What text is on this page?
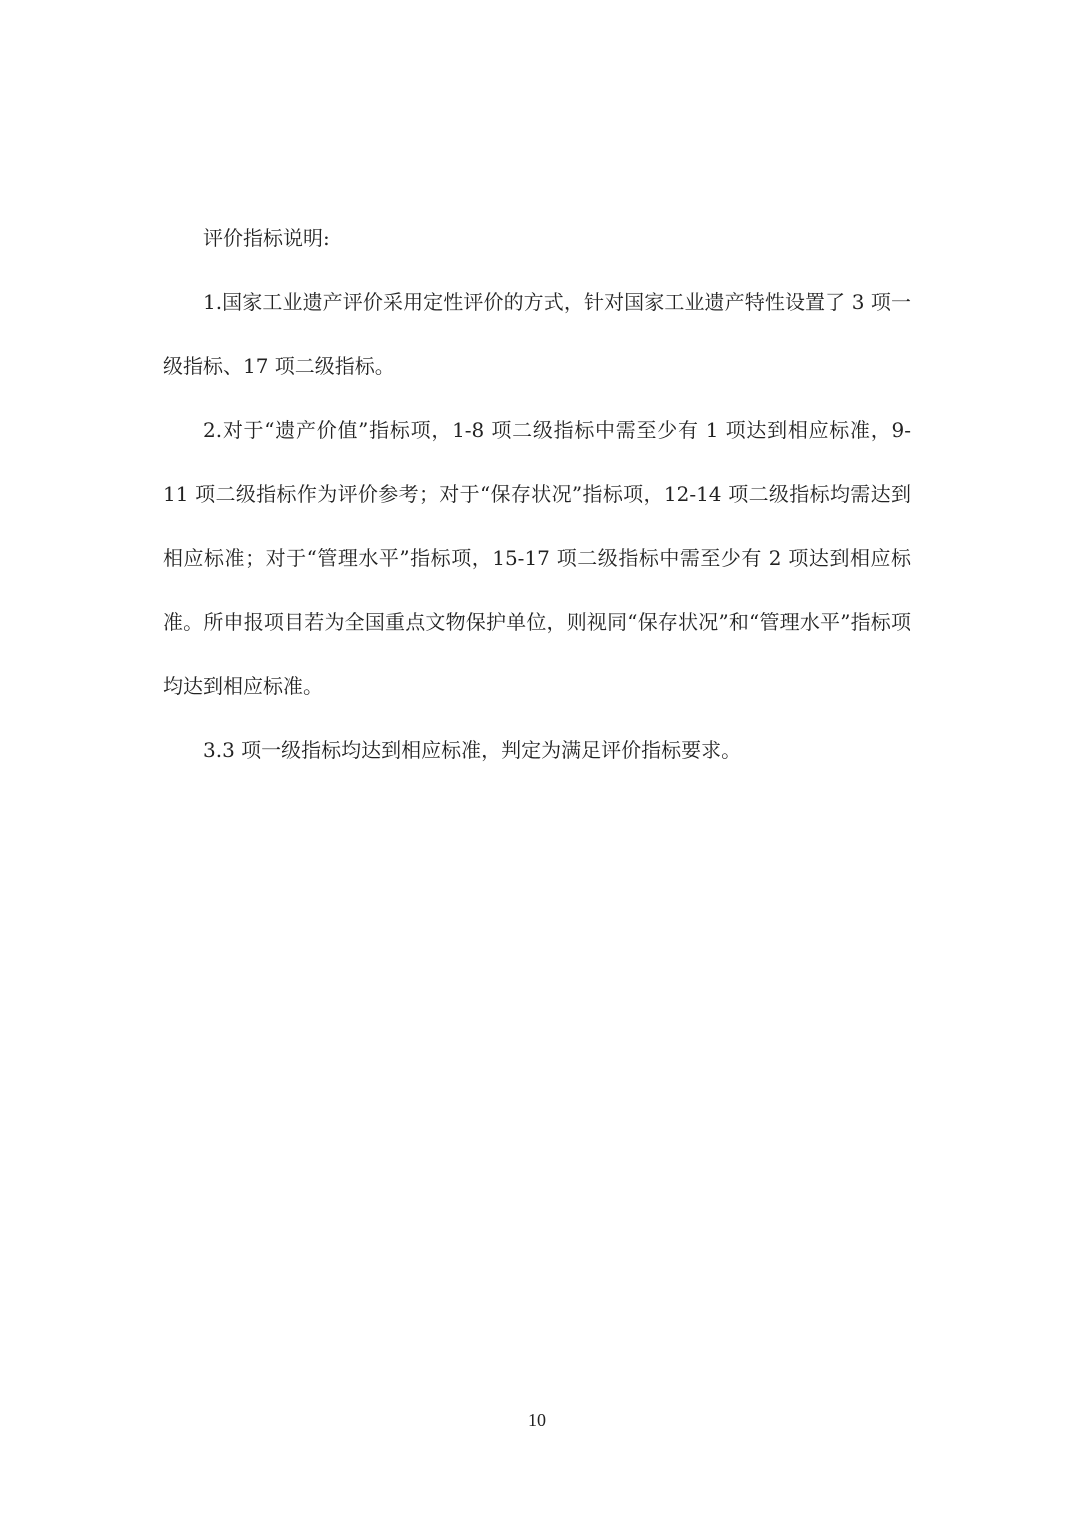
评价指标说明:

1.国家工业遗产评价采用定性评价的方式，针对国家工业遗产特性设置了 3 项一级指标、17 项二级指标。

2.对于“遗产价值”指标项，1-8 项二级指标中需至少有 1 项达到相应标准，9-11 项二级指标作为评价参考；对于“保存状况”指标项，12-14 项二级指标均需达到相应标准；对于“管理水平”指标项，15-17 项二级指标中需至少有 2 项达到相应标准。所申报项目若为全国重点文物保护单位，则视同“保存状况”和“管理水平”指标项均达到相应标准。

3.3 项一级指标均达到相应标准，判定为满足评价指标要求。

10
